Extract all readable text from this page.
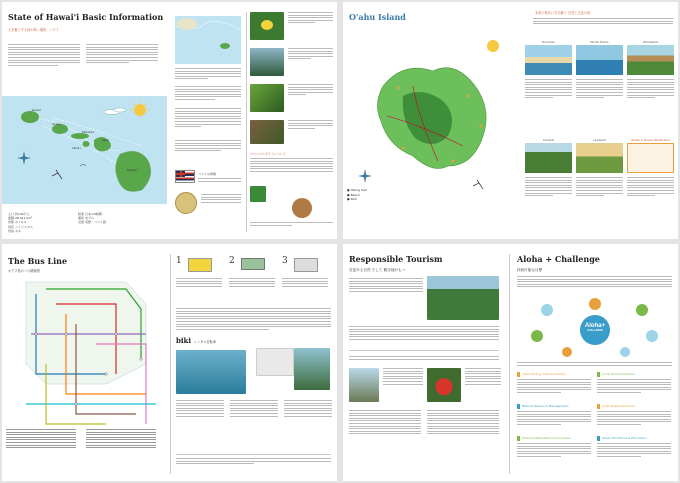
State of Hawai'i Basic Information
人を魅了する緑や海…場所、ハワイ
Kaua'i
O'ahu
Moloka'i
Lāna'i
Maui
Hawai'i
人口 約142万人
面積 28,311 km²
州都 ホノルル
州花 ハイビスカス
州鳥 ネネ
時差 日本-19時間
通貨 米ドル
言語 英語・ハワイ語
ハワイの州旗
アロハプロダクトについて
O'ahu Island
● Hiking trail
● Beach
● Park
未来の世代に引き継ぐ 自然と文化の島
Honolulu	North Shore	Windward
Central	Leeward	Aloha ∞ Ocean Protection
The Bus Line
オアフ島のバス路線図
1	2	3
biki レンタル自転車
Responsible Tourism
変更ある自然 そして 観光地がもつ
Aloha + Challenge
持続可能な目標
Aloha+
CHALLENGE
Clean Energy Transformation	Local Food Production
Natural Resource Management	Solid Waste Reduction
Smart Sustainable Communities	Green Workforce & Education
